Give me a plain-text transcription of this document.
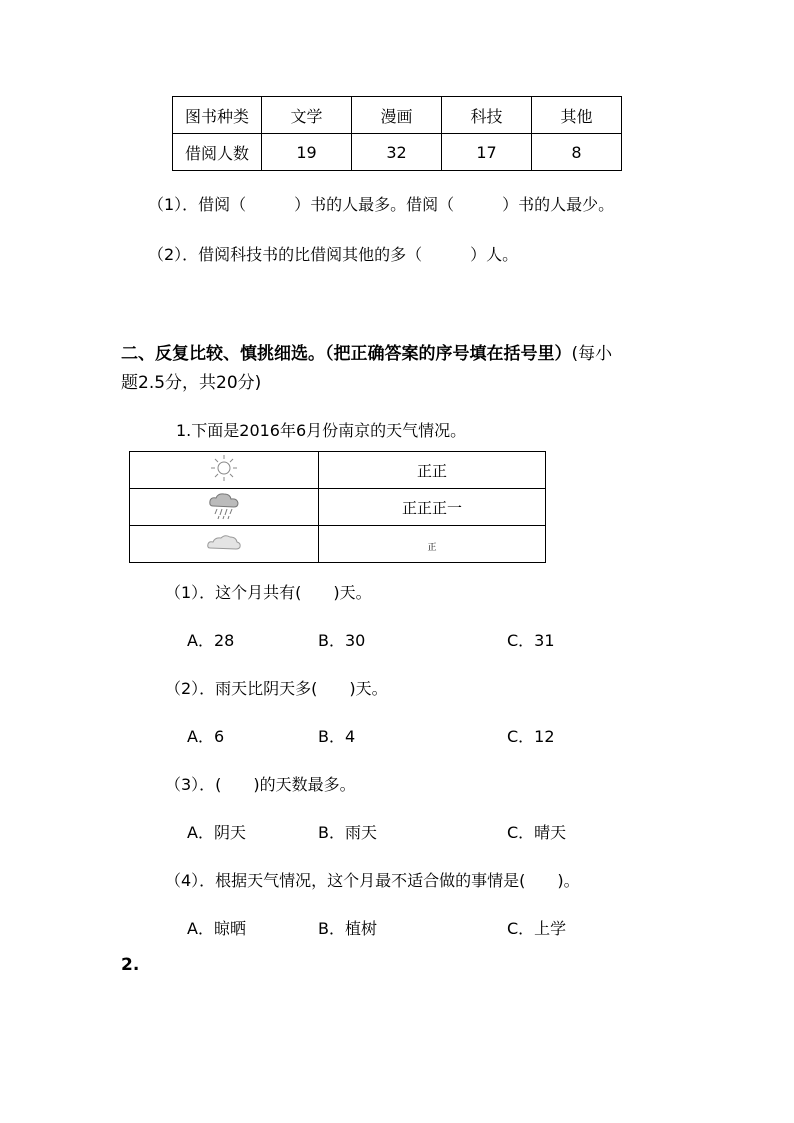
图书种类	文学	漫画	科技	其他
借阅人数	19	32	17	8
（1）．借阅（　　　）书的人最多。借阅（　　　）书的人最少。
（2）．借阅科技书的比借阅其他的多（　　　）人。
二、反复比较、慎挑细选。（把正确答案的序号填在括号里）(每小
题2.5分，共20分)
1.下面是2016年6月份南京的天气情况。
	正正
	正正正一
	正
（1）．这个月共有(　　)天。
A．28	B．30	C．31
（2）．雨天比阴天多(　　)天。
A．6	B．4	C．12
（3）．(　　)的天数最多。
A．阴天	B．雨天	C．晴天
（4）．根据天气情况，这个月最不适合做的事情是(　　)。
A．晾晒	B．植树	C．上学
2.
